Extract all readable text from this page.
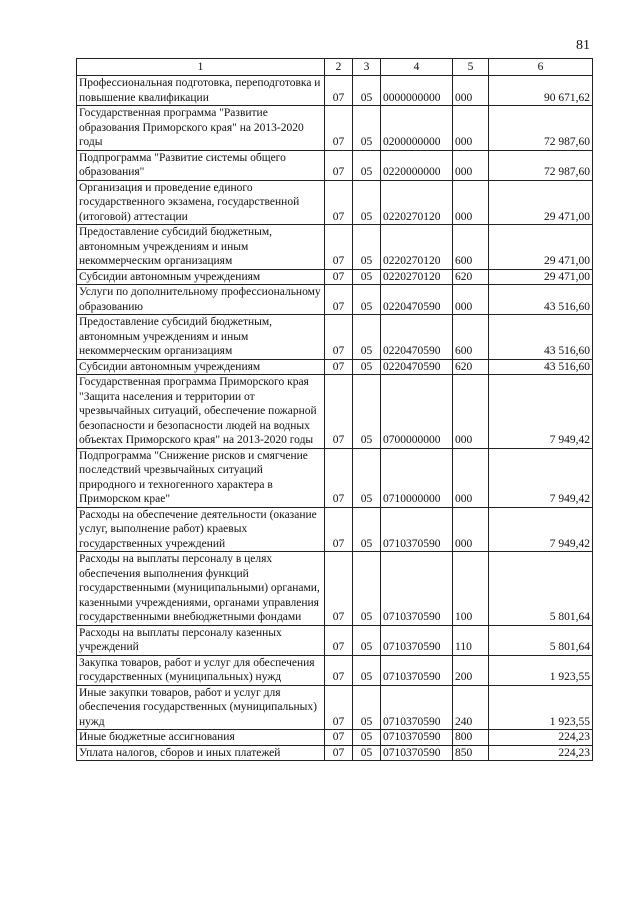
81
1	2	3	4	5	6
Профессиональная подготовка, переподготовка и повышение квалификации	07	05	0000000000	000	90 671,62
Государственная программа "Развитие образования Приморского края" на 2013-2020 годы	07	05	0200000000	000	72 987,60
Подпрограмма "Развитие системы общего образования"	07	05	0220000000	000	72 987,60
Организация и проведение единого государственного экзамена, государственной (итоговой) аттестации	07	05	0220270120	000	29 471,00
Предоставление субсидий бюджетным, автономным учреждениям и иным некоммерческим организациям	07	05	0220270120	600	29 471,00
Субсидии автономным учреждениям	07	05	0220270120	620	29 471,00
Услуги по дополнительному профессиональному образованию	07	05	0220470590	000	43 516,60
Предоставление субсидий бюджетным, автономным учреждениям и иным некоммерческим организациям	07	05	0220470590	600	43 516,60
Субсидии автономным учреждениям	07	05	0220470590	620	43 516,60
Государственная программа Приморского края "Защита населения и территории от чрезвычайных ситуаций, обеспечение пожарной безопасности и безопасности людей на водных объектах Приморского края" на 2013-2020 годы	07	05	0700000000	000	7 949,42
Подпрограмма "Снижение рисков и смягчение последствий чрезвычайных ситуаций природного и техногенного характера в Приморском крае"	07	05	0710000000	000	7 949,42
Расходы на обеспечение деятельности (оказание услуг, выполнение работ) краевых государственных учреждений	07	05	0710370590	000	7 949,42
Расходы на выплаты персоналу в целях обеспечения выполнения функций государственными (муниципальными) органами, казенными учреждениями, органами управления государственными внебюджетными фондами	07	05	0710370590	100	5 801,64
Расходы на выплаты персоналу казенных учреждений	07	05	0710370590	110	5 801,64
Закупка товаров, работ и услуг для обеспечения государственных (муниципальных) нужд	07	05	0710370590	200	1 923,55
Иные закупки товаров, работ и услуг для обеспечения государственных (муниципальных) нужд	07	05	0710370590	240	1 923,55
Иные бюджетные ассигнования	07	05	0710370590	800	224,23
Уплата налогов, сборов и иных платежей	07	05	0710370590	850	224,23
